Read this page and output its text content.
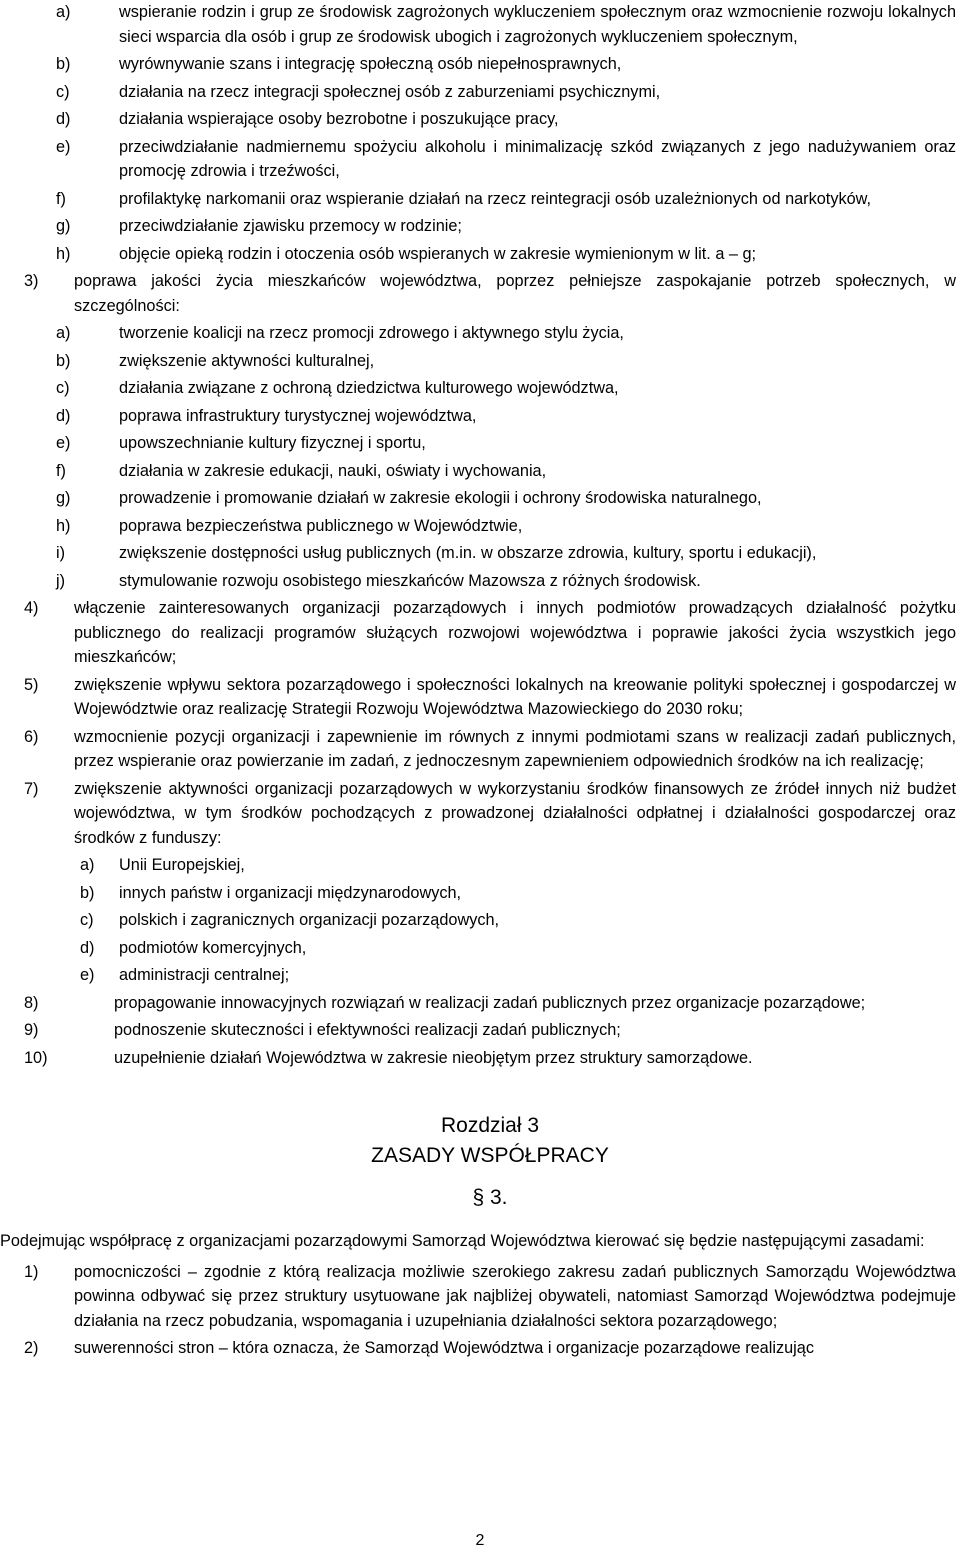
a)	wspieranie rodzin i grup ze środowisk zagrożonych wykluczeniem społecznym oraz wzmocnienie rozwoju lokalnych sieci wsparcia dla osób i grup ze środowisk ubogich i zagrożonych wykluczeniem społecznym,
b)	wyrównywanie szans i integrację społeczną osób niepełnosprawnych,
c)	działania na rzecz integracji społecznej osób z zaburzeniami psychicznymi,
d)	działania wspierające osoby bezrobotne i poszukujące pracy,
e)	przeciwdziałanie nadmiernemu spożyciu alkoholu i minimalizację szkód związanych z jego nadużywaniem oraz promocję zdrowia i trzeźwości,
f)	profilaktykę narkomanii oraz wspieranie działań na rzecz reintegracji osób uzależnionych od narkotyków,
g)	przeciwdziałanie zjawisku przemocy w rodzinie;
h)	objęcie opieką rodzin i otoczenia osób wspieranych w zakresie wymienionym w lit. a – g;
3)	poprawa jakości życia mieszkańców województwa, poprzez pełniejsze zaspokajanie potrzeb społecznych, w szczególności:
a)	tworzenie koalicji na rzecz promocji zdrowego i aktywnego stylu życia,
b)	zwiększenie aktywności kulturalnej,
c)	działania związane z ochroną dziedzictwa kulturowego województwa,
d)	poprawa infrastruktury turystycznej województwa,
e)	upowszechnianie kultury fizycznej i sportu,
f)	działania w zakresie edukacji, nauki, oświaty i wychowania,
g)	prowadzenie i promowanie działań w zakresie ekologii i ochrony środowiska naturalnego,
h)	poprawa bezpieczeństwa publicznego w Województwie,
i)	zwiększenie dostępności usług publicznych (m.in. w obszarze zdrowia, kultury, sportu i edukacji),
j)	stymulowanie rozwoju osobistego mieszkańców Mazowsza z różnych środowisk.
4)	włączenie zainteresowanych organizacji pozarządowych i innych podmiotów prowadzących działalność pożytku publicznego do realizacji programów służących rozwojowi województwa i poprawie jakości życia wszystkich jego mieszkańców;
5)	zwiększenie wpływu sektora pozarządowego i społeczności lokalnych na kreowanie polityki społecznej i gospodarczej w Województwie oraz realizację Strategii Rozwoju Województwa Mazowieckiego do 2030 roku;
6)	wzmocnienie pozycji organizacji i zapewnienie im równych z innymi podmiotami szans w realizacji zadań publicznych, przez wspieranie oraz powierzanie im zadań, z jednoczesnym zapewnieniem odpowiednich środków na ich realizację;
7)	zwiększenie aktywności organizacji pozarządowych w wykorzystaniu środków finansowych ze źródeł innych niż budżet województwa, w tym środków pochodzących z prowadzonej działalności odpłatnej i działalności gospodarczej oraz środków z funduszy:
a)	Unii Europejskiej,
b)	innych państw i organizacji międzynarodowych,
c)	polskich i zagranicznych organizacji pozarządowych,
d)	podmiotów komercyjnych,
e)	administracji centralnej;
8)	propagowanie innowacyjnych rozwiązań w realizacji zadań publicznych przez organizacje pozarządowe;
9)	podnoszenie skuteczności i efektywności realizacji zadań publicznych;
10)	uzupełnienie działań Województwa w zakresie nieobjętym przez struktury samorządowe.
Rozdział 3
ZASADY WSPÓŁPRACY
§ 3.
Podejmując współpracę z organizacjami pozarządowymi Samorząd Województwa kierować się będzie następującymi zasadami:
1)	pomocniczości – zgodnie z którą realizacja możliwie szerokiego zakresu zadań publicznych Samorządu Województwa powinna odbywać się przez struktury usytuowane jak najbliżej obywateli, natomiast Samorząd Województwa podejmuje działania na rzecz pobudzania, wspomagania i uzupełniania działalności sektora pozarządowego;
2)	suwerenności stron – która oznacza, że Samorząd Województwa i organizacje pozarządowe realizując
2
